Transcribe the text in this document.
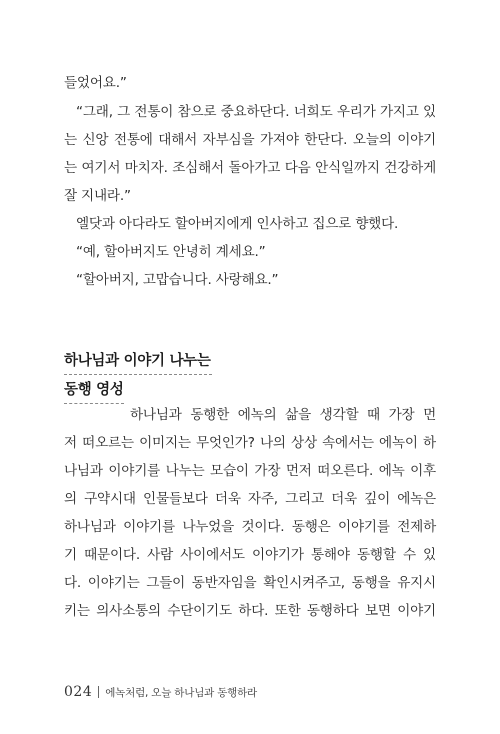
들었어요.”
“그래, 그 전통이 참으로 중요하단다. 너희도 우리가 가지고 있
는 신앙 전통에 대해서 자부심을 가져야 한단다. 오늘의 이야기
는 여기서 마치자. 조심해서 돌아가고 다음 안식일까지 건강하게
잘 지내라.”
엘닷과 아다라도 할아버지에게 인사하고 집으로 향했다.
“예, 할아버지도 안녕히 계세요.”
“할아버지, 고맙습니다. 사랑해요.”
하나님과 이야기 나누는
동행 영성
하나님과 동행한 에녹의 삶을 생각할 때 가장 먼
저 떠오르는 이미지는 무엇인가? 나의 상상 속에서는 에녹이 하
나님과 이야기를 나누는 모습이 가장 먼저 떠오른다. 에녹 이후
의 구약시대 인물들보다 더욱 자주, 그리고 더욱 깊이 에녹은
하나님과 이야기를 나누었을 것이다. 동행은 이야기를 전제하
기 때문이다. 사람 사이에서도 이야기가 통해야 동행할 수 있
다. 이야기는 그들이 동반자임을 확인시켜주고, 동행을 유지시
키는 의사소통의 수단이기도 하다. 또한 동행하다 보면 이야기
024 에녹처럼, 오늘 하나님과 동행하라
